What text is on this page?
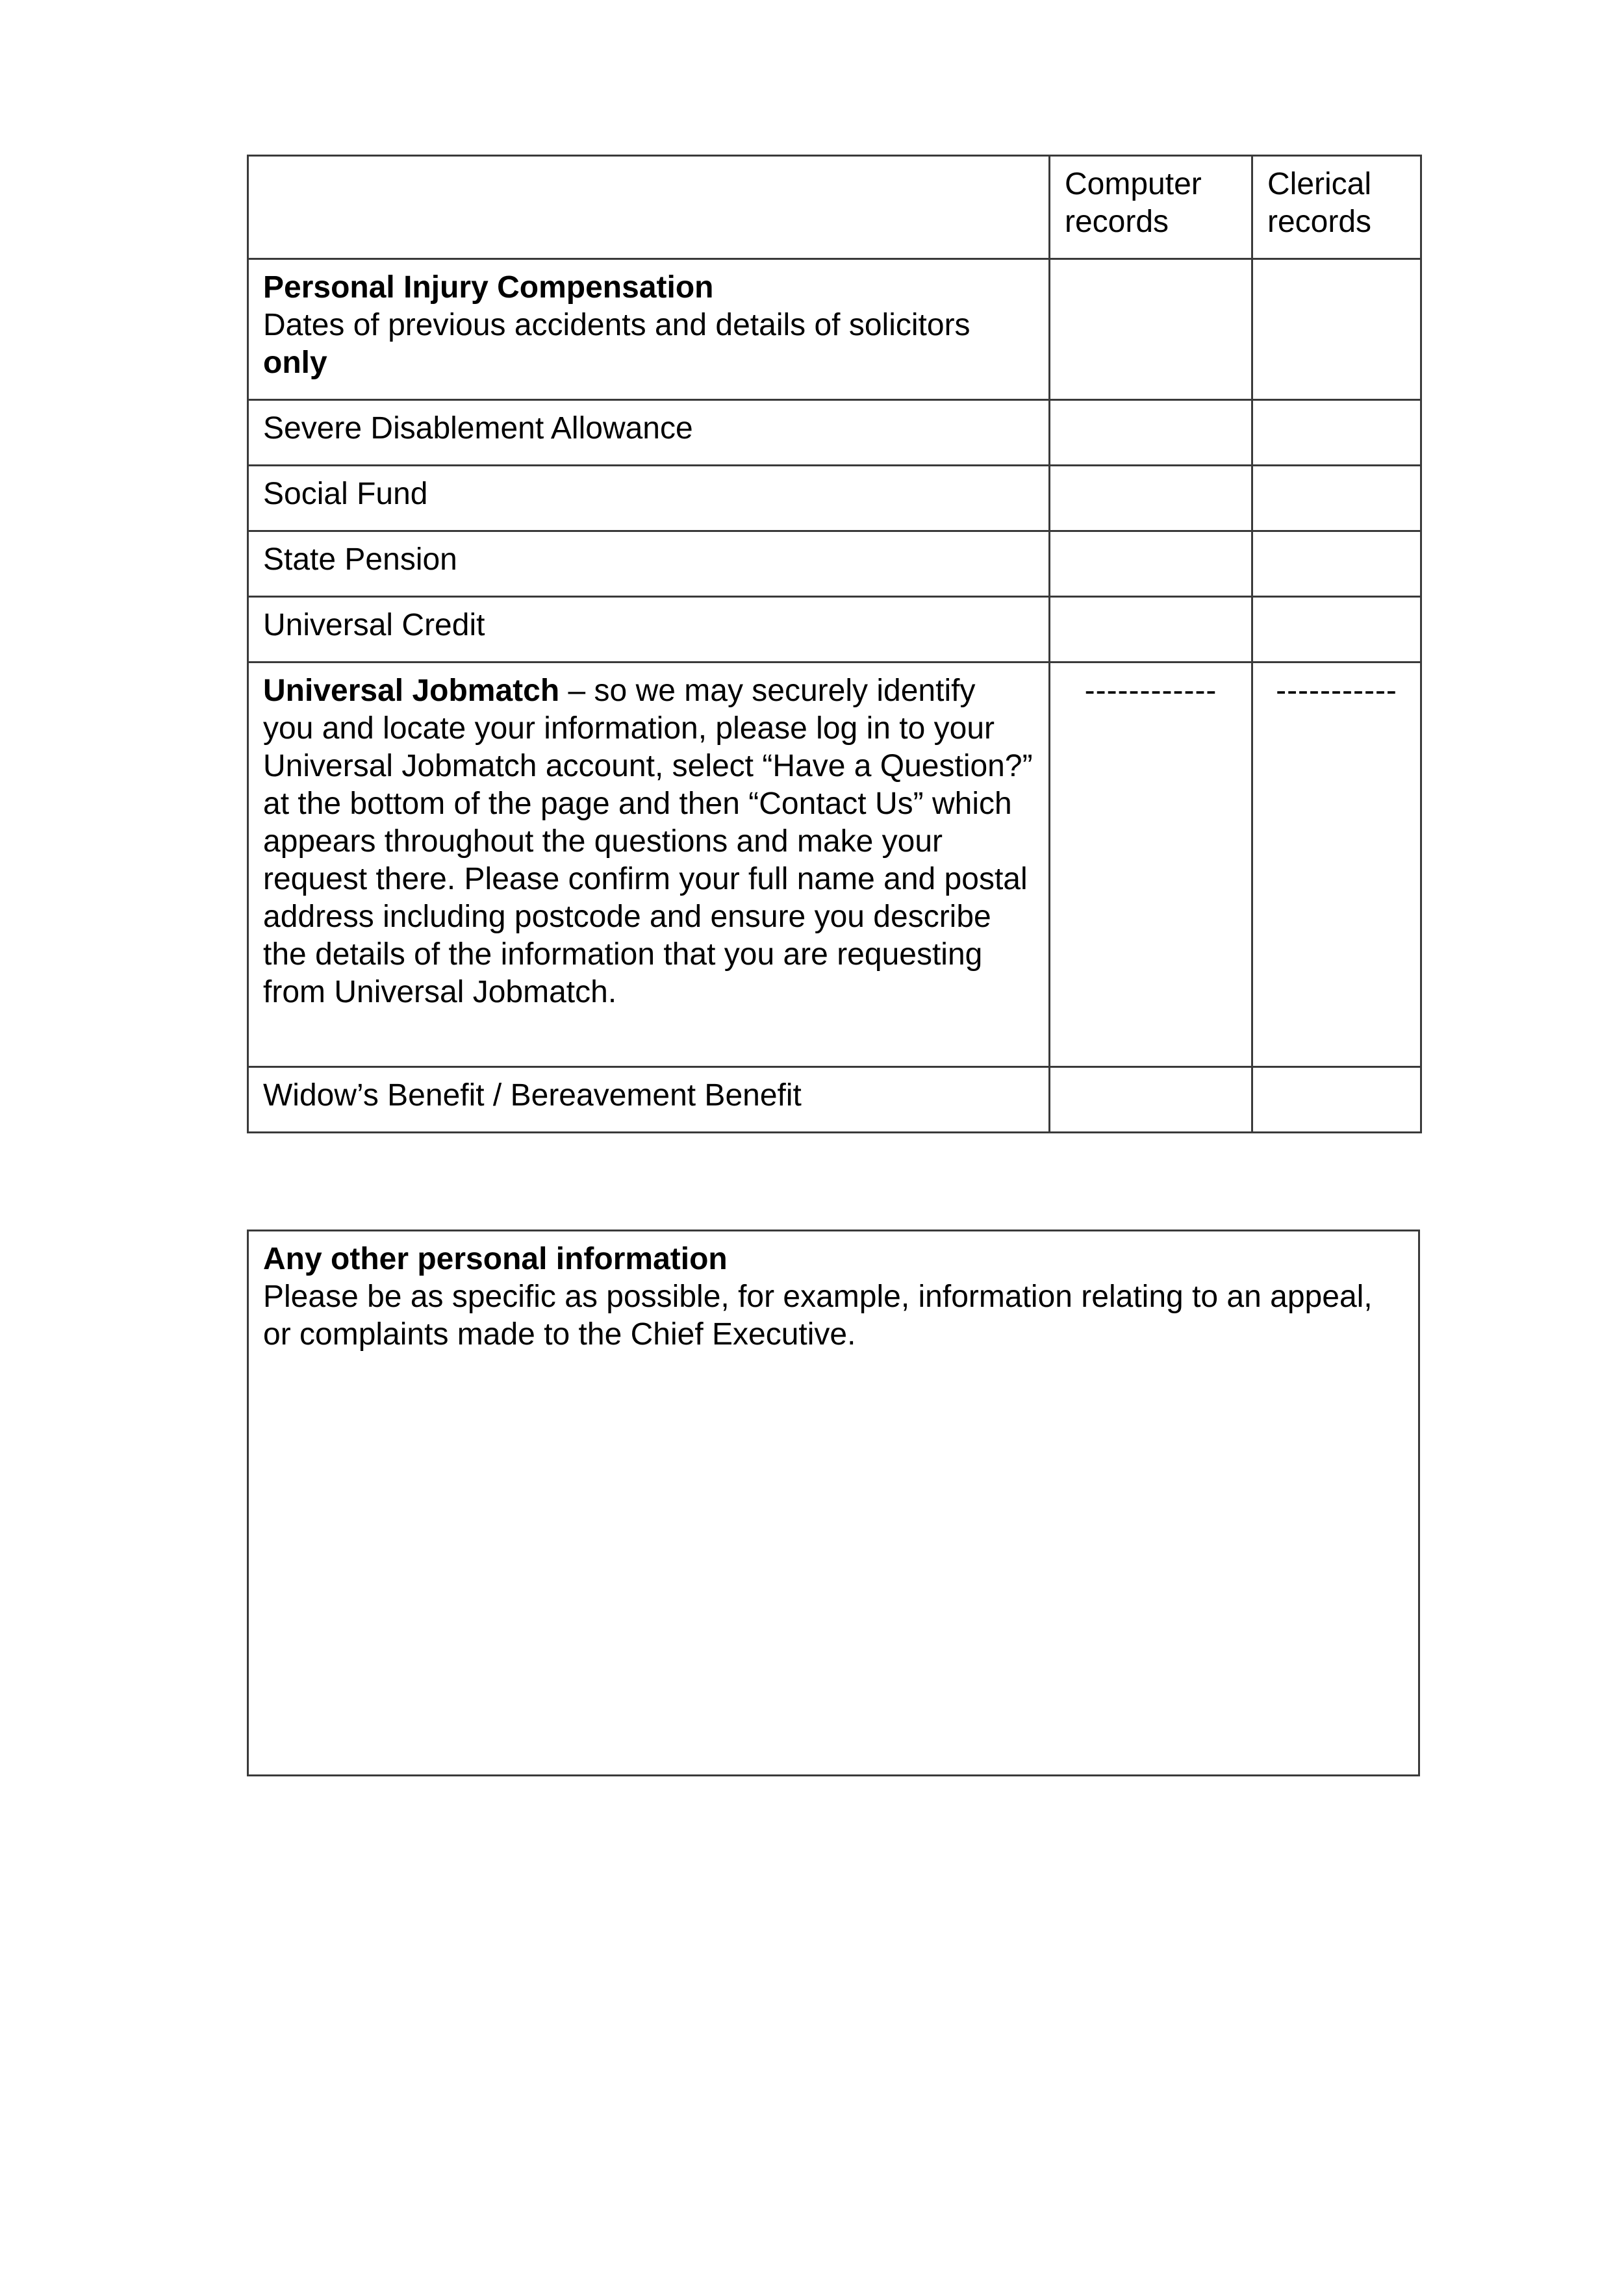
	Computer records	Clerical records

Personal Injury Compensation
Dates of previous accidents and details of solicitors
only		

Severe Disablement Allowance		
Social Fund		
State Pension		
Universal Credit		
Universal Jobmatch – so we may securely identify you and locate your information, please log in to your Universal Jobmatch account, select “Have a Question?” at the bottom of the page and then “Contact Us” which appears throughout the questions and make your request there. Please confirm your full name and postal address including postcode and ensure you describe the details of the information that you are requesting from Universal Jobmatch.	------------	-----------
Widow’s Benefit / Bereavement Benefit		
Any other personal information
Please be as specific as possible, for example, information relating to an appeal, or complaints made to the Chief Executive.
